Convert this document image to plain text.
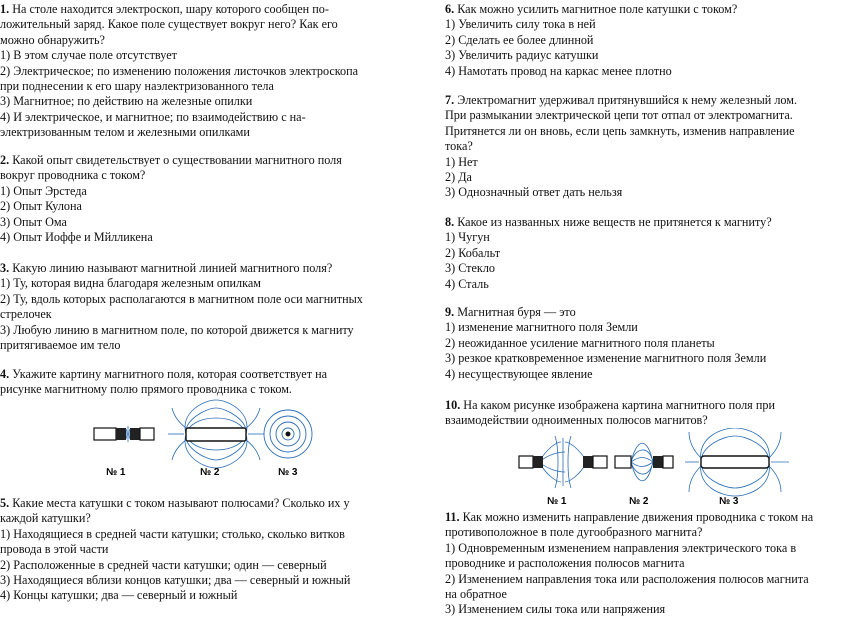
1. На столе находится электроскоп, шару которого сообщен по-

ложительный заряд. Какое поле существует вокруг него? Как его

можно обнаружить?

1) В этом случае поле отсутствует

2) Электрическое; по изменению положения листочков электроскопа

при поднесении к его шару наэлектризованного тела

3) Магнитное; по действию на железные опилки

4) И электрическое, и магнитное; по взаимодействию с на-

электризованным телом и железными опилками

2. Какой опыт свидетельствует о существовании магнитного поля

вокруг проводника с током?

1) Опыт Эрстеда

2) Опыт Кулона

3) Опыт Ома

4) Опыт Иоффе и Мйлликена

3. Какую линию называют магнитной линией магнитного поля?

1) Ту, которая видна благодаря железным опилкам

2) Ту, вдоль которых располагаются в магнитном поле оси магнитных

стрелочек

3) Любую линию в магнитном поле, по которой движется к магниту

притягиваемое им тело

4. Укажите картину магнитного поля, которая соответствует на

рисунке магнитному полю прямого проводника с током.

№ 1	№ 2	№ 3

5. Какие места катушки с током называют полюсами? Сколько их у

каждой катушки?

1) Находящиеся в средней части катушки; столько, сколько витков

провода в этой части

2) Расположенные в средней части катушки; один — северный

3) Находящиеся вблизи концов катушки; два — северный и южный

4) Концы катушки; два — северный и южный

6. Как можно усилить магнитное поле катушки с током?

1) Увеличить силу тока в ней

2) Сделать ее более длинной

3) Увеличить радиус катушки

4) Намотать провод на каркас менее плотно

7. Электромагнит удерживал притянувшийся к нему железный лом.

При размыкании электрической цепи тот отпал от электромагнита.

Притянется ли он вновь, если цепь замкнуть, изменив направление

тока?

1) Нет

2) Да

3) Однозначный ответ дать нельзя

8. Какое из названных ниже веществ не притянется к магниту?

1) Чугун

2) Кобальт

3) Стекло

4) Сталь

9. Магнитная буря — это

1) изменение магнитного поля Земли

2) неожиданное усиление магнитного поля планеты

3) резкое кратковременное изменение магнитного поля Земли

4) несуществующее явление

10. На каком рисунке изображена картина магнитного поля при

взаимодействии одноименных полюсов магнитов?

№ 1	№ 2	№ 3

11. Как можно изменить направление движения проводника с током на

противоположное в поле дугообразного магнита?

1) Одновременным изменением направления электрического тока в

проводнике и расположения полюсов магнита

2) Изменением направления тока или расположения полюсов магнита

на обратное

3) Изменением силы тока или напряжения
